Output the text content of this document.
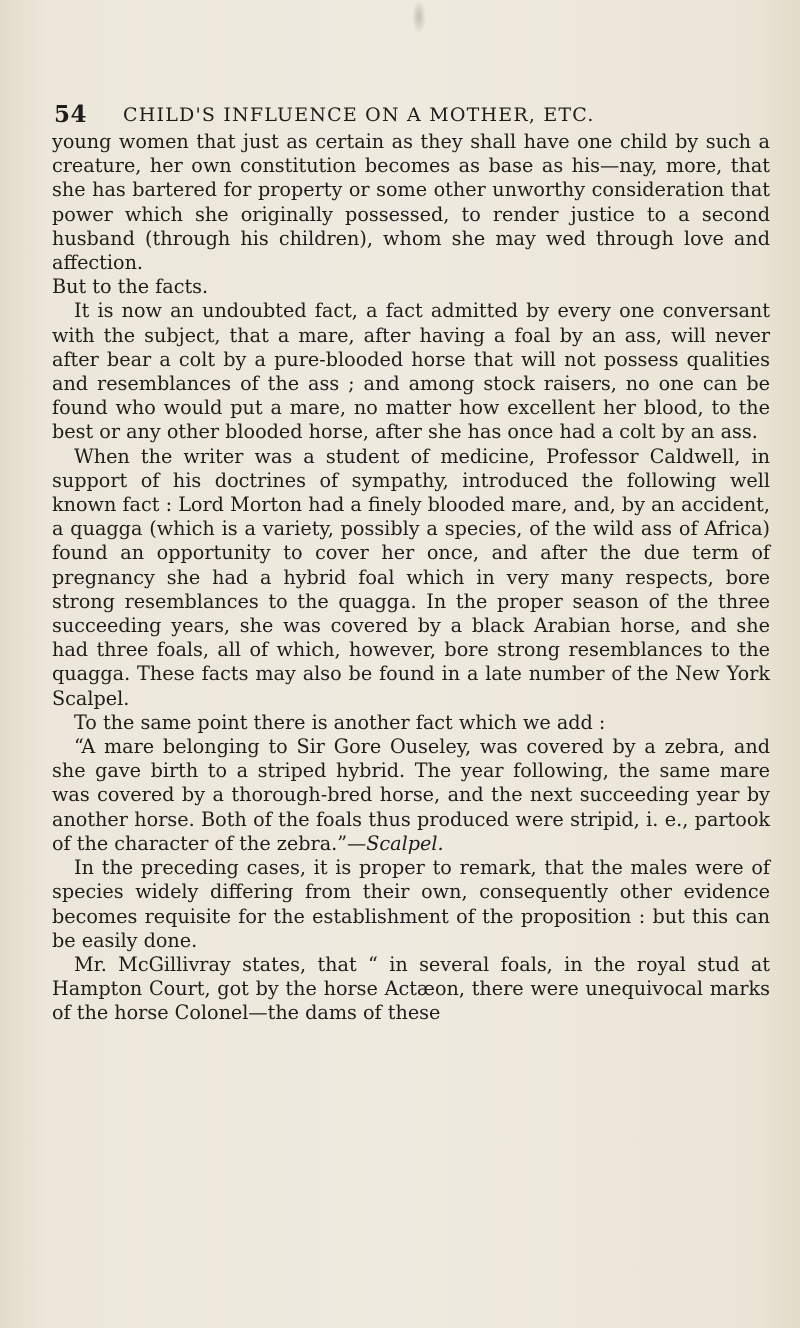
54 CHILD'S INFLUENCE ON A MOTHER, ETC.

young women that just as certain as they shall have one child by such a creature, her own constitution becomes as base as his—nay, more, that she has bartered for property or some other unworthy consideration that power which she originally possessed, to render justice to a second husband (through his children), whom she may wed through love and affection.

But to the facts.

It is now an undoubted fact, a fact admitted by every one conversant with the subject, that a mare, after having a foal by an ass, will never after bear a colt by a pure-blooded horse that will not possess qualities and resemblances of the ass ; and among stock raisers, no one can be found who would put a mare, no matter how excellent her blood, to the best or any other blooded horse, after she has once had a colt by an ass.

When the writer was a student of medicine, Professor Caldwell, in support of his doctrines of sympathy, introduced the following well known fact : Lord Morton had a finely blooded mare, and, by an accident, a quagga (which is a variety, possibly a species, of the wild ass of Africa) found an opportunity to cover her once, and after the due term of pregnancy she had a hybrid foal which in very many respects, bore strong resemblances to the quagga. In the proper season of the three succeeding years, she was covered by a black Arabian horse, and she had three foals, all of which, however, bore strong resemblances to the quagga. These facts may also be found in a late number of the New York Scalpel.

To the same point there is another fact which we add :

“A mare belonging to Sir Gore Ouseley, was covered by a zebra, and she gave birth to a striped hybrid. The year following, the same mare was covered by a thorough-bred horse, and the next succeeding year by another horse. Both of the foals thus produced were stripid, i. e., partook of the character of the zebra.”—Scalpel.

In the preceding cases, it is proper to remark, that the males were of species widely differing from their own, consequently other evidence becomes requisite for the establishment of the proposition : but this can be easily done.

Mr. McGillivray states, that “ in several foals, in the royal stud at Hampton Court, got by the horse Actæon, there were unequivocal marks of the horse Colonel—the dams of these
